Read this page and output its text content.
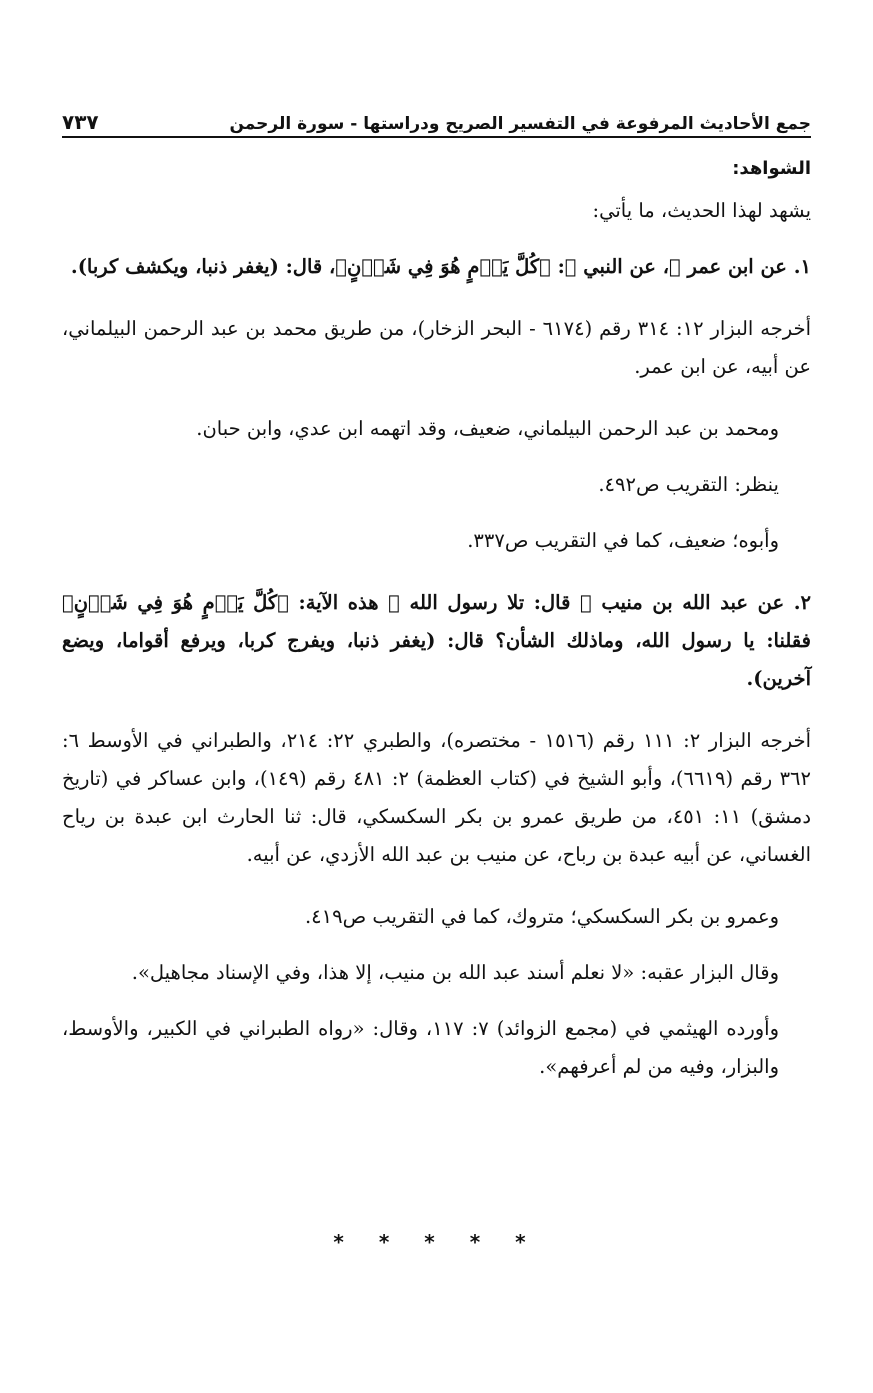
جمع الأحاديث المرفوعة في التفسير الصريح ودراستها - سورة الرحمن
٧٣٧

الشواهد:

يشهد لهذا الحديث، ما يأتي:

١. عن ابن عمر ﷺ، عن النبي ﷺ: ﴿كُلَّ يَوۡمٍ هُوَ فِي شَأۡنٍ﴾، قال: (يغفر ذنبا، ويكشف كربا).

أخرجه البزار ١٢: ٣١٤ رقم (٦١٧٤ - البحر الزخار)، من طريق محمد بن عبد الرحمن البيلماني، عن أبيه، عن ابن عمر.

ومحمد بن عبد الرحمن البيلماني، ضعيف، وقد اتهمه ابن عدي، وابن حبان.

ينظر: التقريب ص٤٩٢.

وأبوه؛ ضعيف، كما في التقريب ص٣٣٧.

٢. عن عبد الله بن منيب ﷺ قال: تلا رسول الله ﷺ هذه الآية: ﴿كُلَّ يَوۡمٍ هُوَ فِي شَأۡنٍ﴾ فقلنا: يا رسول الله، وماذلك الشأن؟ قال: (يغفر ذنبا، ويفرج كربا، ويرفع أقواما، ويضع آخرين).

أخرجه البزار ٢: ١١١ رقم (١٥١٦ - مختصره)، والطبري ٢٢: ٢١٤، والطبراني في الأوسط ٦: ٣٦٢ رقم (٦٦١٩)، وأبو الشيخ في (كتاب العظمة) ٢: ٤٨١ رقم (١٤٩)، وابن عساكر في (تاريخ دمشق) ١١: ٤٥١، من طريق عمرو بن بكر السكسكي، قال: ثنا الحارث ابن عبدة بن رياح الغساني، عن أبيه عبدة بن رباح، عن منيب بن عبد الله الأزدي، عن أبيه.

وعمرو بن بكر السكسكي؛ متروك، كما في التقريب ص٤١٩.

وقال البزار عقبه: «لا نعلم أسند عبد الله بن منيب، إلا هذا، وفي الإسناد مجاهيل».

وأورده الهيثمي في (مجمع الزوائد) ٧: ١١٧، وقال: «رواه الطبراني في الكبير، والأوسط، والبزار، وفيه من لم أعرفهم».

* * * * *
